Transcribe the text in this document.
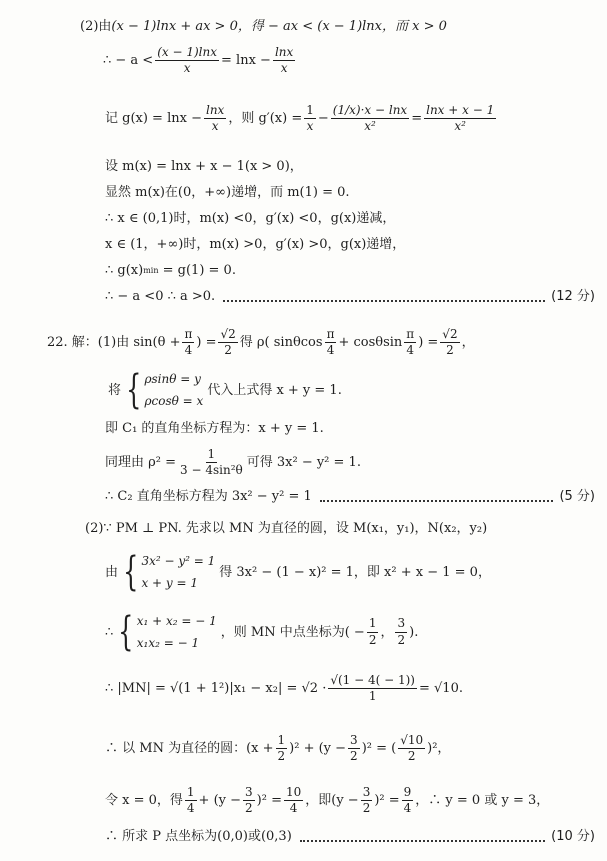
(2)由 (x − 1)lnx + ax > 0，得 − ax < (x − 1)lnx，而 x > 0
∴ − $a < \frac{(x - 1)\ln x}{x} = \ln x - \frac{\ln x}{x}$
记 $g(x) = \ln x - \frac{\ln x}{x}$ ，则 $g'(x) = \frac{1}{x} - \frac{(1/x)\cdot x - \ln x}{\text{x²}} = \frac{\ln x + x - 1}{\text{x²}}$
设 m(x) = lnx + x − 1(x > 0)，
显然 m(x)在(0，+∞)递增，而 m(1) = 0.
∴ x ∈ (0,1)时，m(x) <0，g′(x) <0，g(x)递减，
x ∈ (1，+∞)时，m(x) >0，g′(x) >0，g(x)递增，
∴ g(x) min
= g(1) = 0.
∴ − a <0 ∴ a >0.	(12 分)
22. 解：(1)由 $\sin(\theta + \frac{\pi}{4}$ ) = $\frac{√2}{2}$ 得 ρ( sinθcos $\frac{\pi}{4} + \cos\theta\sin \frac{\pi}{4}$ ) = $\frac{√2}{2}$ ，
将 { ρsinθ = y
ρcosθ = x
代入上式得 x + y = 1.
即 C₁ 的直角坐标方程为：x + y = 1.
同理由 $\rho^2 = \frac{1}{\text{3 − 4sin²θ}}$ 可得 3x² − y² = 1.
∴ C₂ 直角坐标方程为 3x² − y² = 1	(5 分)
(2)∵ PM ⊥ PN. 先求以 MN 为直径的圆，设 M(x₁，y₁)，N(x₂，y₂)
由 { 3x² − y² = 1
x + y = 1
得 3x² − (1 − x)² = 1，即 x² + x − 1 = 0，
∴ { x₁ + x₂ = − 1
x₁x₂ = − 1
，则 MN 中点坐标为( − $\frac{1}{2}$ ， $\frac{3}{2}$ ).
∴ $|MN| = √(1 + 1^2)|x_1 - x_2| = √2 \cdot \frac{√(1 - 4( - 1))}{1} = √10$.
∴ 以 MN 为直径的圆：$(x + \frac{1}{2} )^2 + (y - \frac{3}{2} )^2$ = ( $\frac{√10}{2} )^2$，
令 x = 0，得 $\frac{1}{4} + (y - \frac{3}{2} )^2 = \frac{10}{4}$ ，即$(y - \frac{3}{2} )^2 = \frac{9}{4}$ ，∴ y = 0 或 y = 3，
∴ 所求 P 点坐标为(0,0)或(0,3)	(10 分)
